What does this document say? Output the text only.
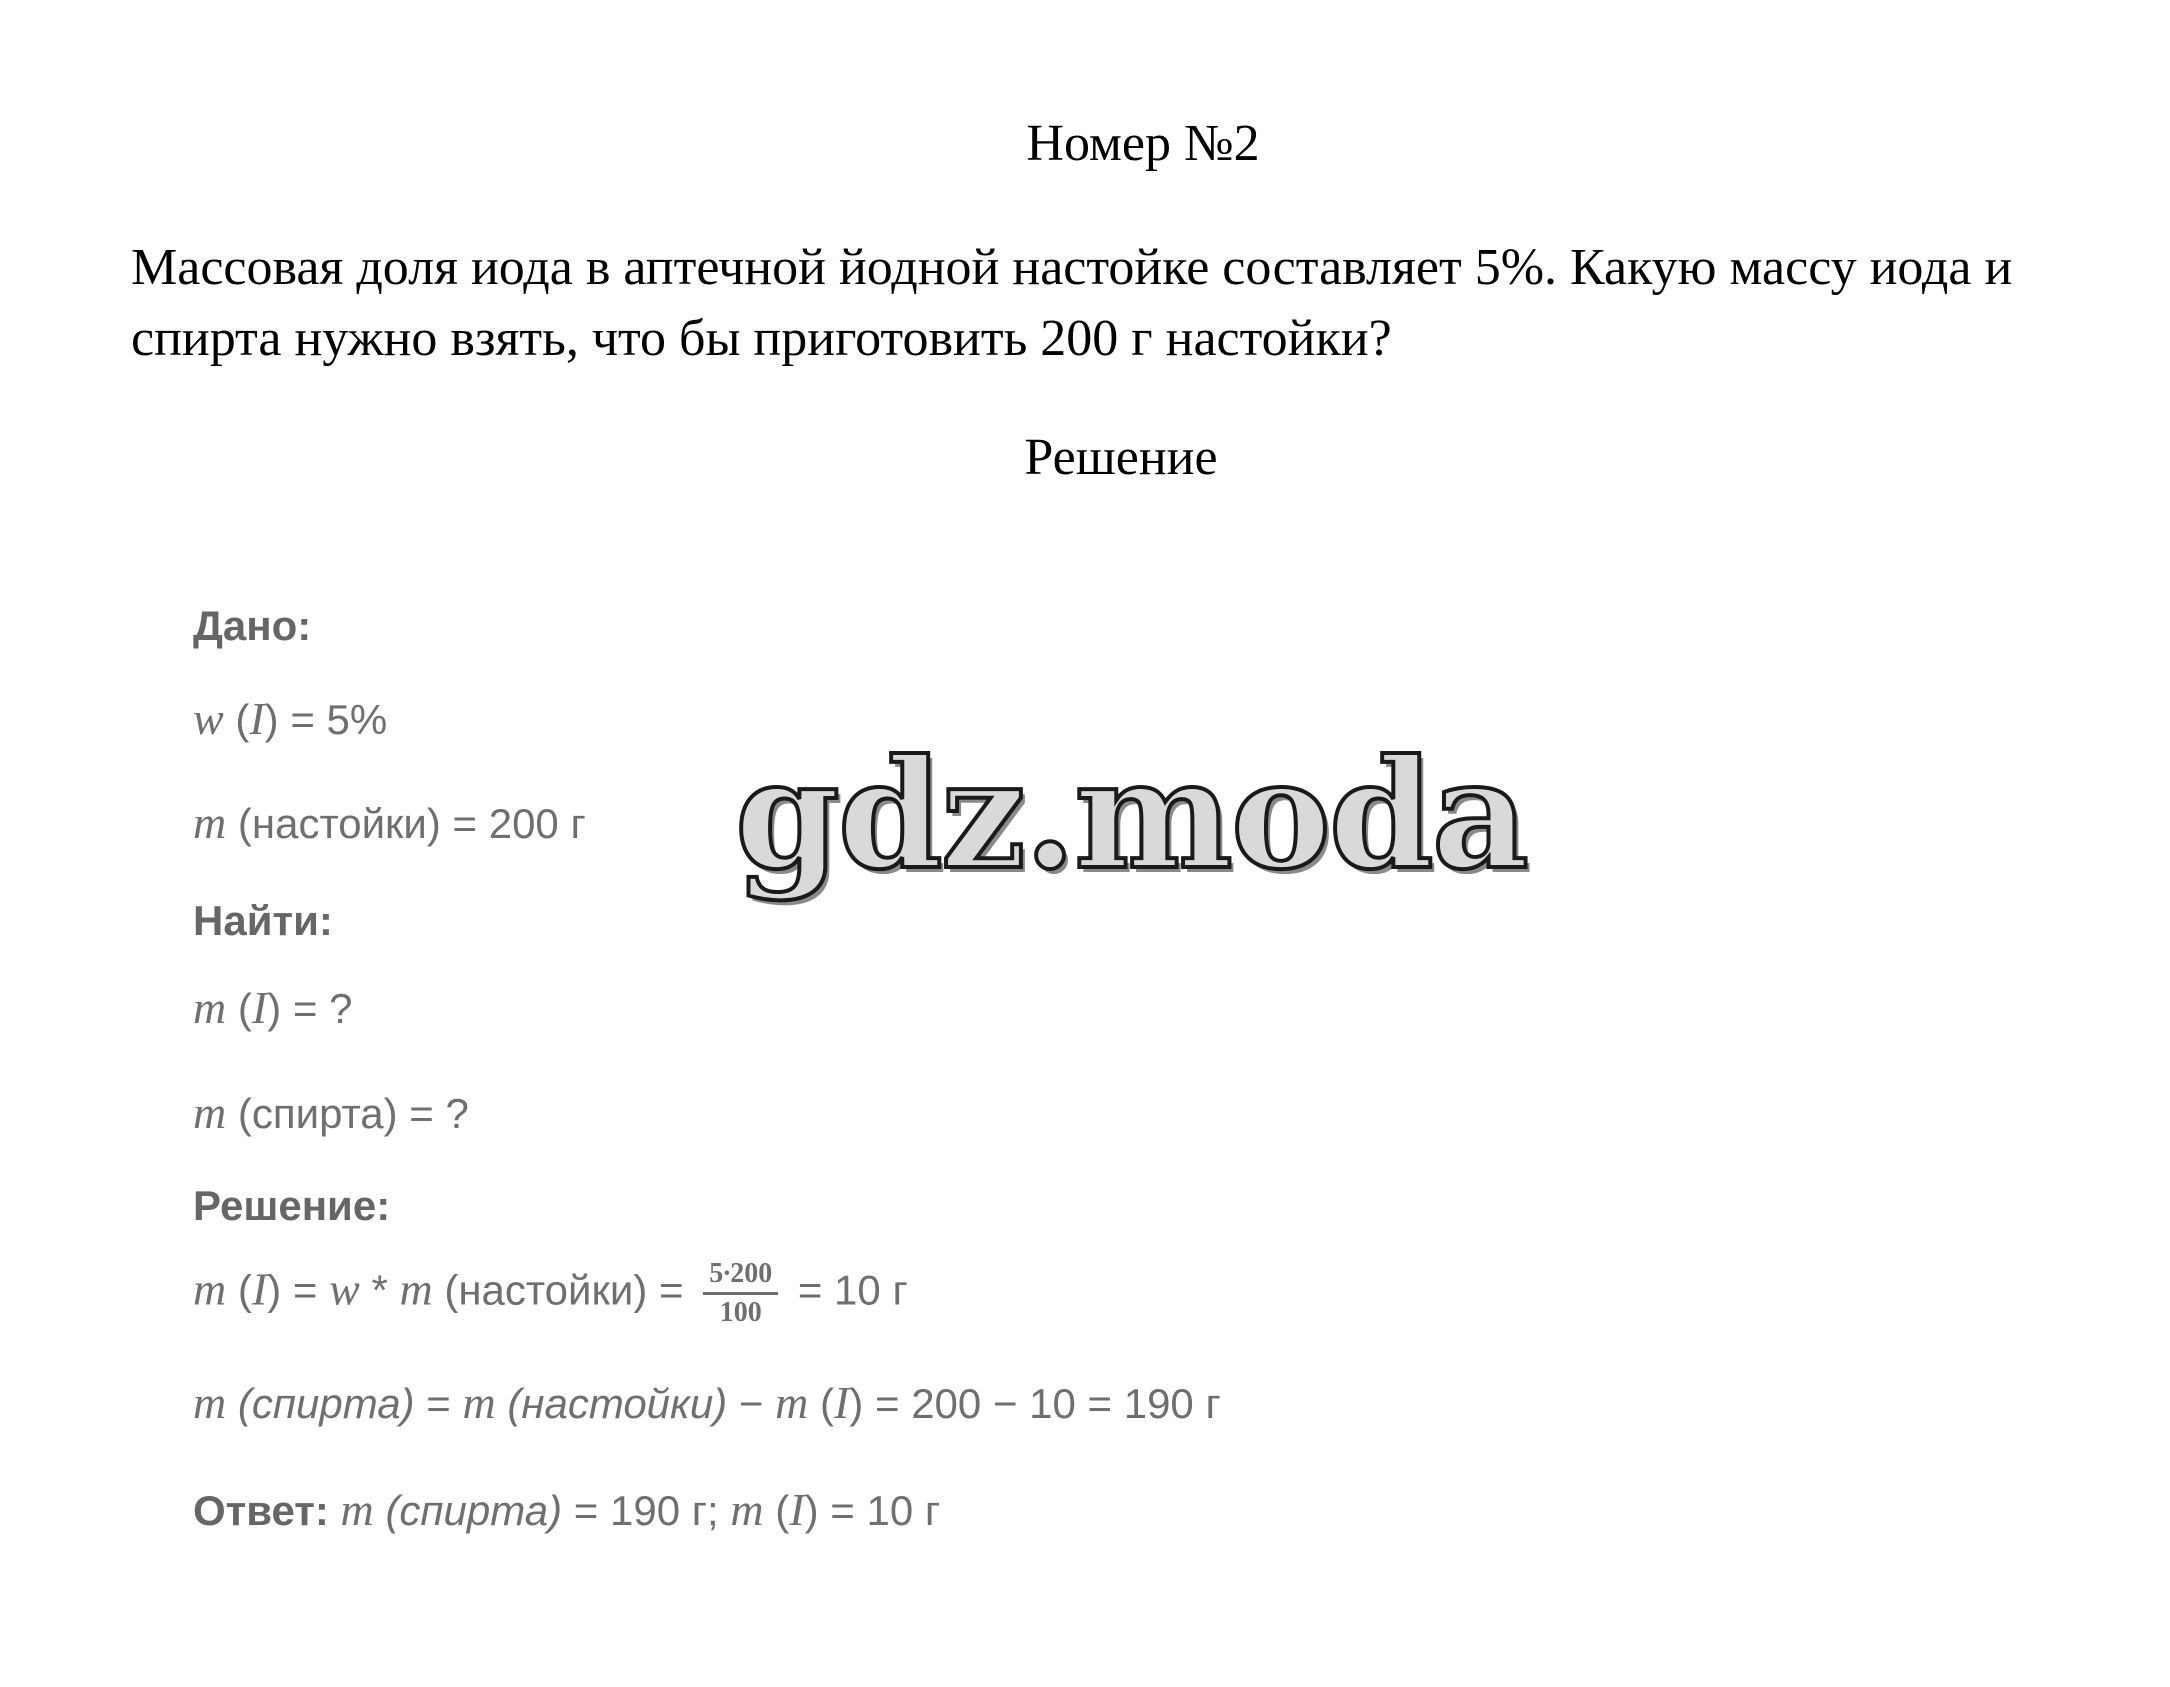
Номер №2
Массовая доля иода в аптечной йодной настойке составляет 5%. Какую массу иода и спирта нужно взять, что бы приготовить 200 г настойки?
Решение
gdz.moda
Дано:
w (I) = 5%
m (настойки) = 200 г
Найти:
m (I) = ?
m (спирта) = ?
Решение:
m (I) = w * m (настойки) = $\frac{5\cdot 200}{100} = 10$ г
m (спирта) = m (настойки) − m (I) = 200 − 10 = 190 г
Ответ: m (спирта) = 190 г; m (I) = 10 г
